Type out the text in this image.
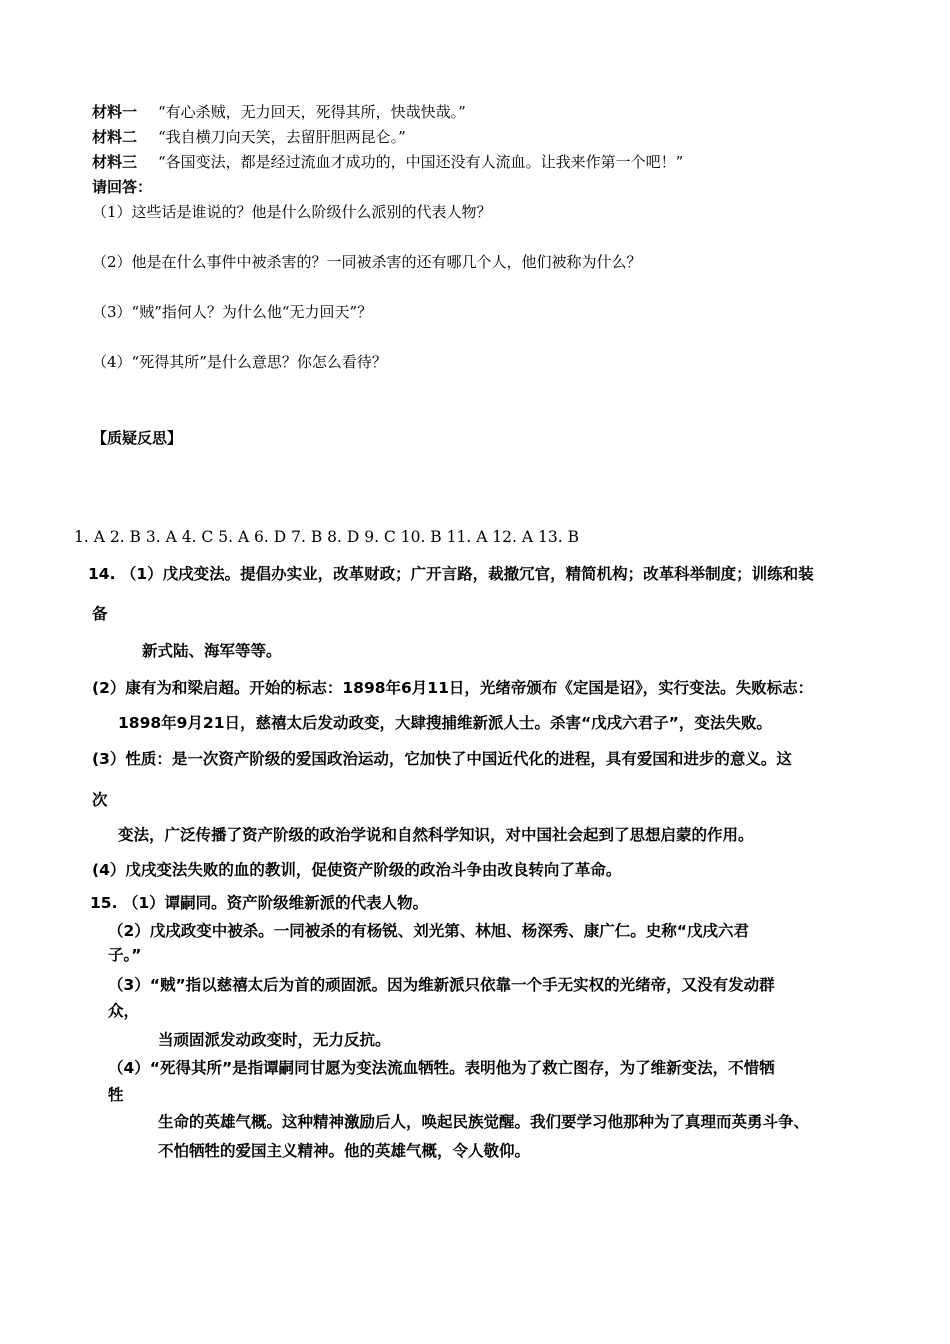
材料一 “有心杀贼，无力回天，死得其所，快哉快哉。”
材料二 “我自横刀向天笑，去留肝胆两昆仑。”
材料三 “各国变法，都是经过流血才成功的，中国还没有人流血。让我来作第一个吧！”
请回答：
（1）这些话是谁说的？他是什么阶级什么派别的代表人物？
（2）他是在什么事件中被杀害的？一同被杀害的还有哪几个人，他们被称为什么？
（3）“贼”指何人？为什么他“无力回天”？
（4）“死得其所”是什么意思？你怎么看待？
【质疑反思】
1. A 2. B 3. A 4. C 5. A 6. D 7. B 8. D 9. C 10. B 11. A 12. A 13. B
14. （1）戊戌变法。提倡办实业，改革财政；广开言路，裁撤冗官，精简机构；改革科举制度；训练和装
备
新式陆、海军等等。
(2）康有为和梁启超。开始的标志：1898年6月11日，光绪帝颁布《定国是诏》，实行变法。失败标志：
1898年9月21日，慈禧太后发动政变，大肆搜捕维新派人士。杀害“戊戌六君子”，变法失败。
(3）性质：是一次资产阶级的爱国政治运动，它加快了中国近代化的进程，具有爱国和进步的意义。这
次
变法，广泛传播了资产阶级的政治学说和自然科学知识，对中国社会起到了思想启蒙的作用。
(4）戊戌变法失败的血的教训，促使资产阶级的政治斗争由改良转向了革命。
15. （1）谭嗣同。资产阶级维新派的代表人物。
（2）戊戌政变中被杀。一同被杀的有杨锐、刘光第、林旭、杨深秀、康广仁。史称“戊戌六君
子。”
（3）“贼”指以慈禧太后为首的顽固派。因为维新派只依靠一个手无实权的光绪帝，又没有发动群
众，
当顽固派发动政变时，无力反抗。
（4）“死得其所”是指谭嗣同甘愿为变法流血牺牲。表明他为了救亡图存，为了维新变法，不惜牺
牲
生命的英雄气概。这种精神激励后人，唤起民族觉醒。我们要学习他那种为了真理而英勇斗争、
不怕牺牲的爱国主义精神。他的英雄气概，令人敬仰。
